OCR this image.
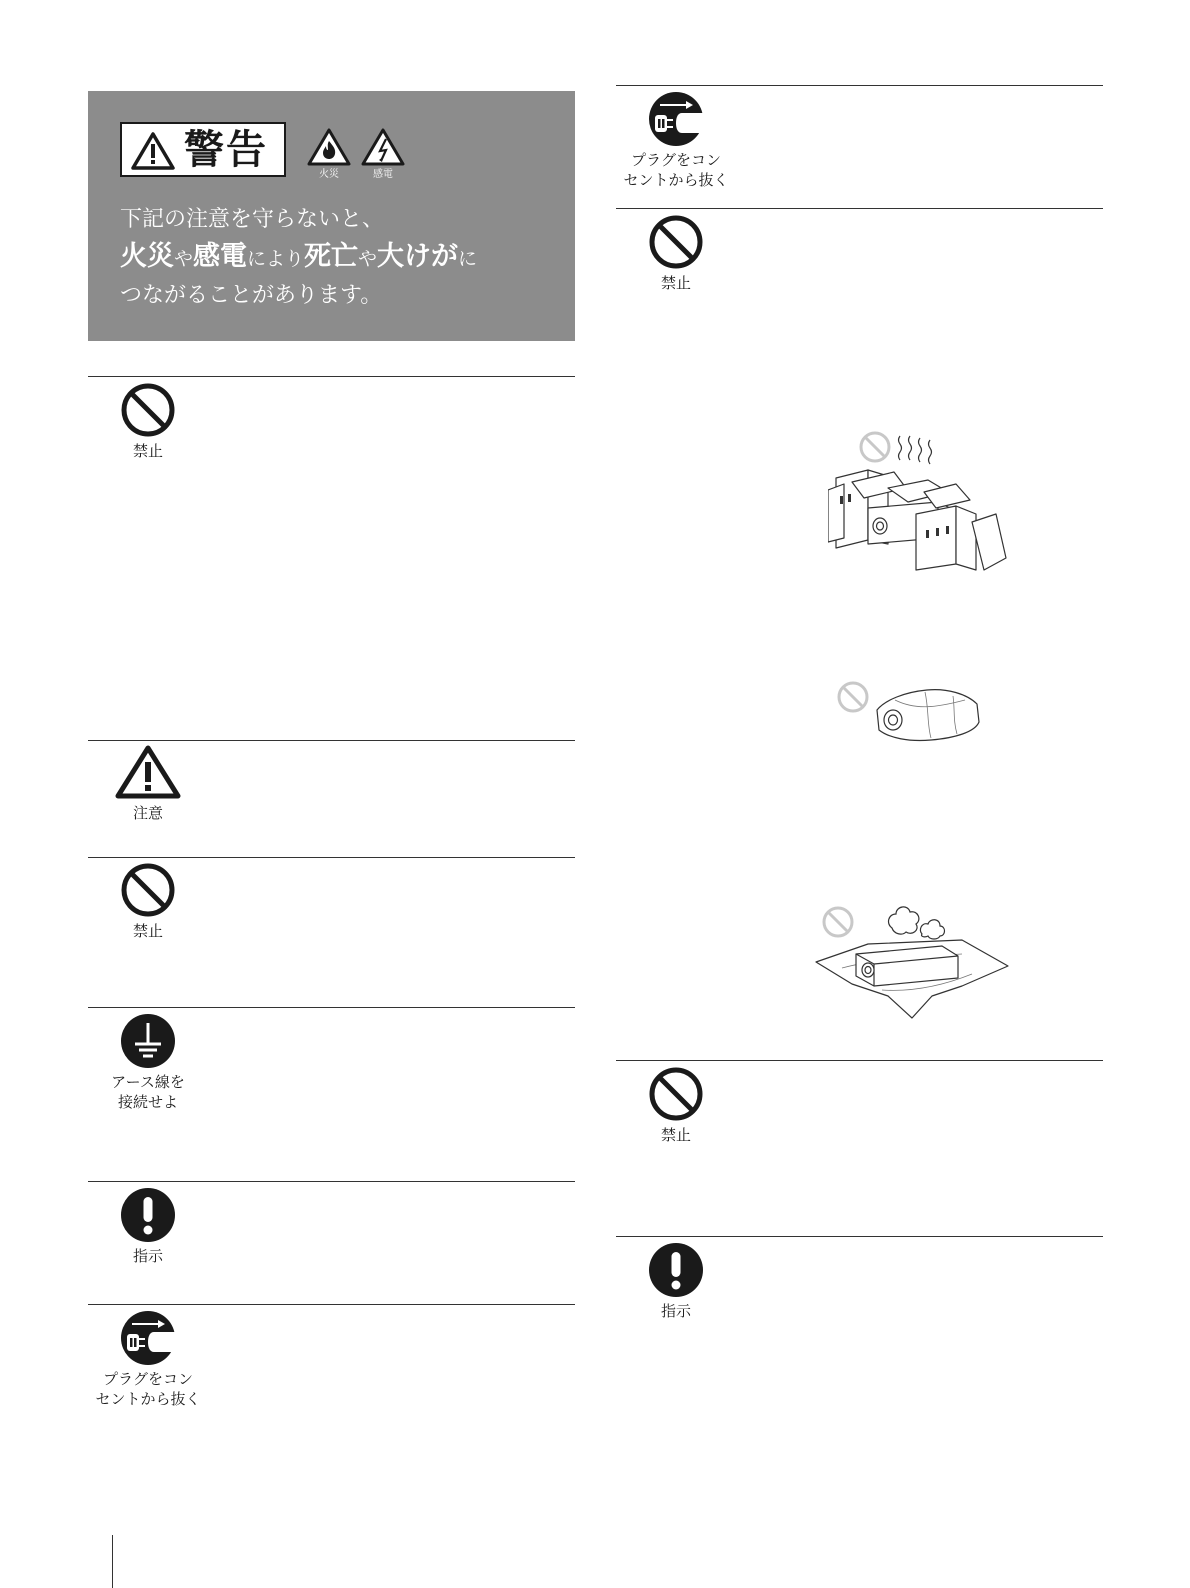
警告
火災	感電
下記の注意を守らないと、
火災や感電により死亡や大けがに
つながることがあります。
禁止
注意
禁止
アース線を
接続せよ
指示
プラグをコン
セントから抜く
プラグをコン
セントから抜く
禁止
禁止
指示
